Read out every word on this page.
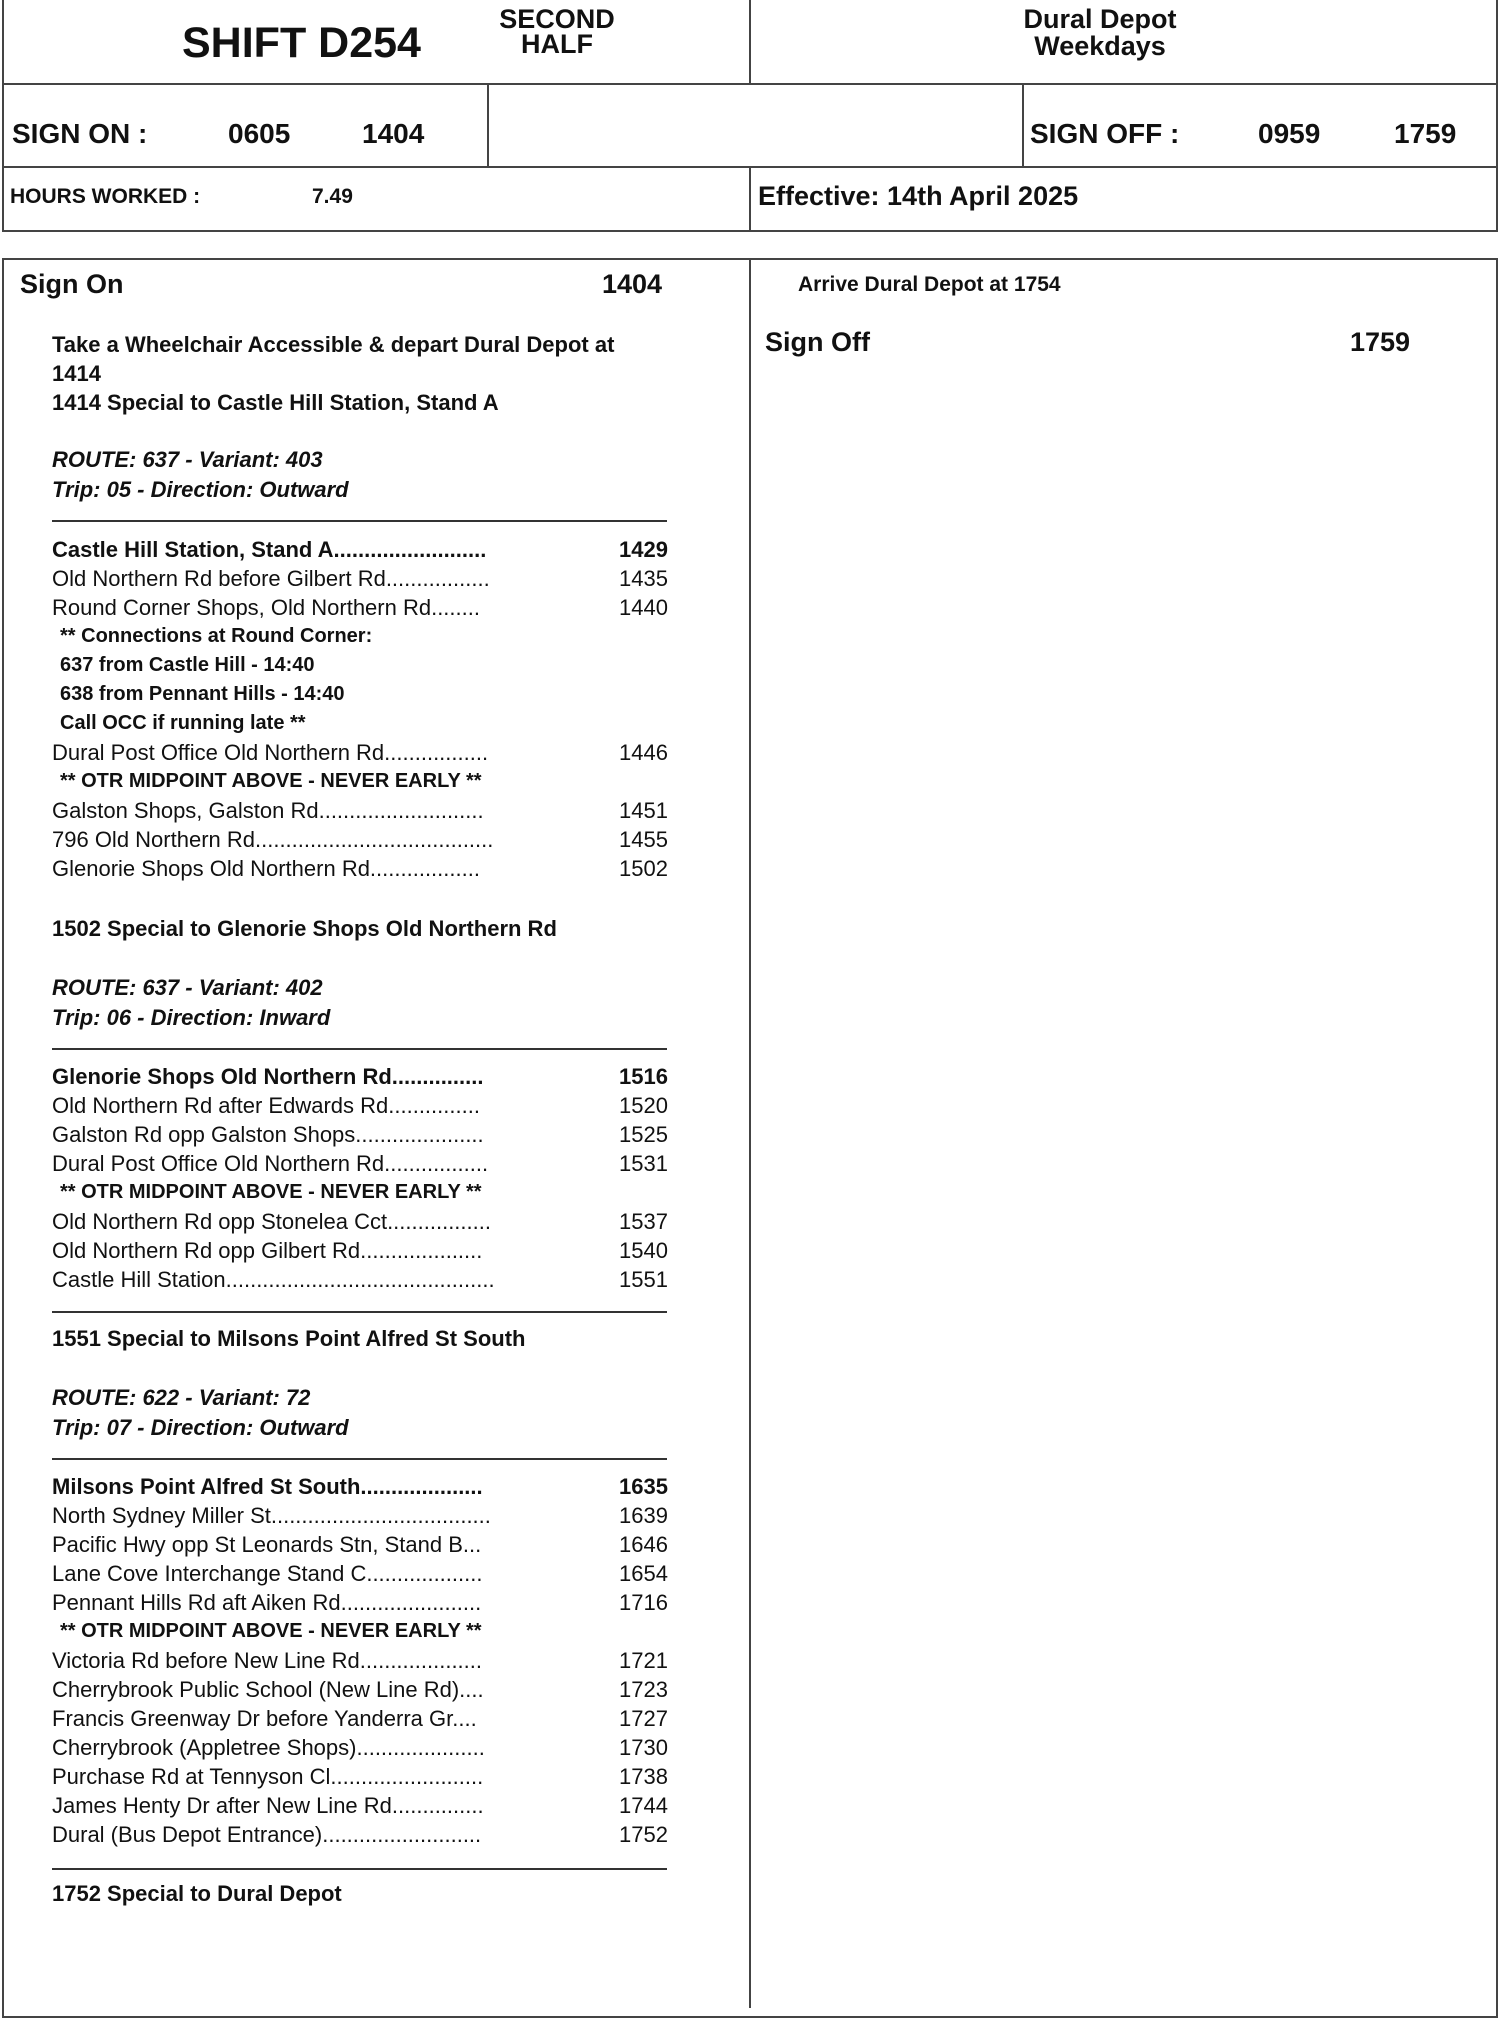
SHIFT D254	SECOND
HALF
Dural Depot
Weekdays
SIGN ON :	0605	1404	SIGN OFF :	0959	1759
HOURS WORKED :	7.49	Effective: 14th April 2025
Sign On	1404
Take a Wheelchair Accessible & depart Dural Depot at
1414
1414 Special to Castle Hill Station, Stand A
ROUTE: 637 - Variant: 403
Trip: 05 - Direction: Outward
Castle Hill Station, Stand A.........................	1429
Old Northern Rd before Gilbert Rd.................	1435
Round Corner Shops, Old Northern Rd........	1440
** Connections at Round Corner:
637 from Castle Hill - 14:40
638 from Pennant Hills - 14:40
Call OCC if running late **
Dural Post Office Old Northern Rd.................	1446
** OTR MIDPOINT ABOVE - NEVER EARLY **
Galston Shops, Galston Rd...........................	1451
796 Old Northern Rd.......................................	1455
Glenorie Shops Old Northern Rd..................	1502
1502 Special to Glenorie Shops Old Northern Rd
ROUTE: 637 - Variant: 402
Trip: 06 - Direction: Inward
Glenorie Shops Old Northern Rd...............	1516
Old Northern Rd after Edwards Rd...............	1520
Galston Rd opp Galston Shops.....................	1525
Dural Post Office Old Northern Rd.................	1531
** OTR MIDPOINT ABOVE - NEVER EARLY **
Old Northern Rd opp Stonelea Cct.................	1537
Old Northern Rd opp Gilbert Rd....................	1540
Castle Hill Station............................................	1551
1551 Special to Milsons Point Alfred St South
ROUTE: 622 - Variant: 72
Trip: 07 - Direction: Outward
Milsons Point Alfred St South....................	1635
North Sydney Miller St....................................	1639
Pacific Hwy opp St Leonards Stn, Stand B...	1646
Lane Cove Interchange Stand C...................	1654
Pennant Hills Rd aft Aiken Rd.......................	1716
** OTR MIDPOINT ABOVE - NEVER EARLY **
Victoria Rd before New Line Rd....................	1721
Cherrybrook Public School (New Line Rd)....	1723
Francis Greenway Dr before Yanderra Gr....	1727
Cherrybrook (Appletree Shops).....................	1730
Purchase Rd at Tennyson Cl.........................	1738
James Henty Dr after New Line Rd...............	1744
Dural (Bus Depot Entrance)..........................	1752
1752 Special to Dural Depot
Arrive Dural Depot at 1754
Sign Off	1759
